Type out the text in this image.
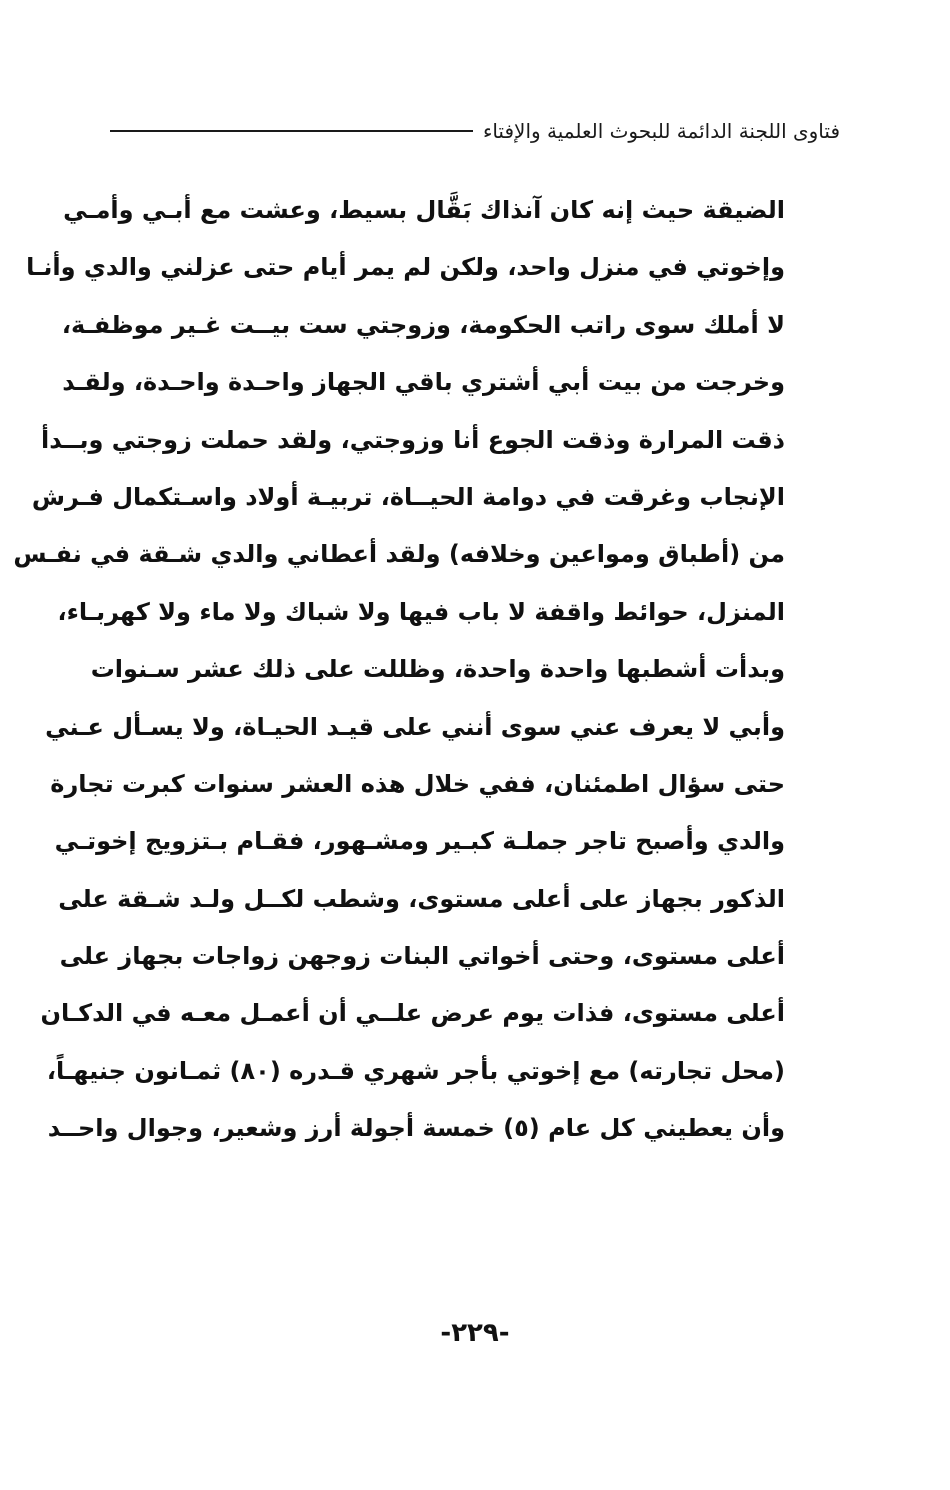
فتاوى اللجنة الدائمة للبحوث العلمية والإفتاء
الضيقة حيث إنه كان آنذاك بَقَّال بسيط، وعشت مع أبـي وأمـي
وإخوتي في منزل واحد، ولكن لم يمر أيام حتى عزلني والدي وأنـا
لا أملك سوى راتب الحكومة، وزوجتي ست بيــت غـير موظفـة،
وخرجت من بيت أبي أشتري باقي الجهاز واحـدة واحـدة، ولقـد
ذقت المرارة وذقت الجوع أنا وزوجتي، ولقد حملت زوجتي وبــدأ
الإنجاب وغرقت في دوامة الحيــاة، تربيـة أولاد واسـتكمال فـرش
من (أطباق ومواعين وخلافه) ولقد أعطاني والدي شـقة في نفـس
المنزل، حوائط واقفة لا باب فيها ولا شباك ولا ماء ولا كهربـاء،
وبدأت أشطبها واحدة واحدة، وظللت على ذلك عشر سـنوات
وأبي لا يعرف عني سوى أنني على قيـد الحيـاة، ولا يسـأل عـني
حتى سؤال اطمئنان، ففي خلال هذه العشر سنوات كبرت تجارة
والدي وأصبح تاجر جملـة كبـير ومشـهور، فقـام بـتزويج إخوتـي
الذكور بجهاز على أعلى مستوى، وشطب لكــل ولـد شـقة على
أعلى مستوى، وحتى أخواتي البنات زوجهن زواجات بجهاز على
أعلى مستوى، فذات يوم عرض علــي أن أعمـل معـه في الدكـان
(محل تجارته) مع إخوتي بأجر شهري قـدره (٨٠) ثمـانون جنيهـاً،
وأن يعطيني كل عام (٥) خمسة أجولة أرز وشعير، وجوال واحــد
-٢٢٩-
